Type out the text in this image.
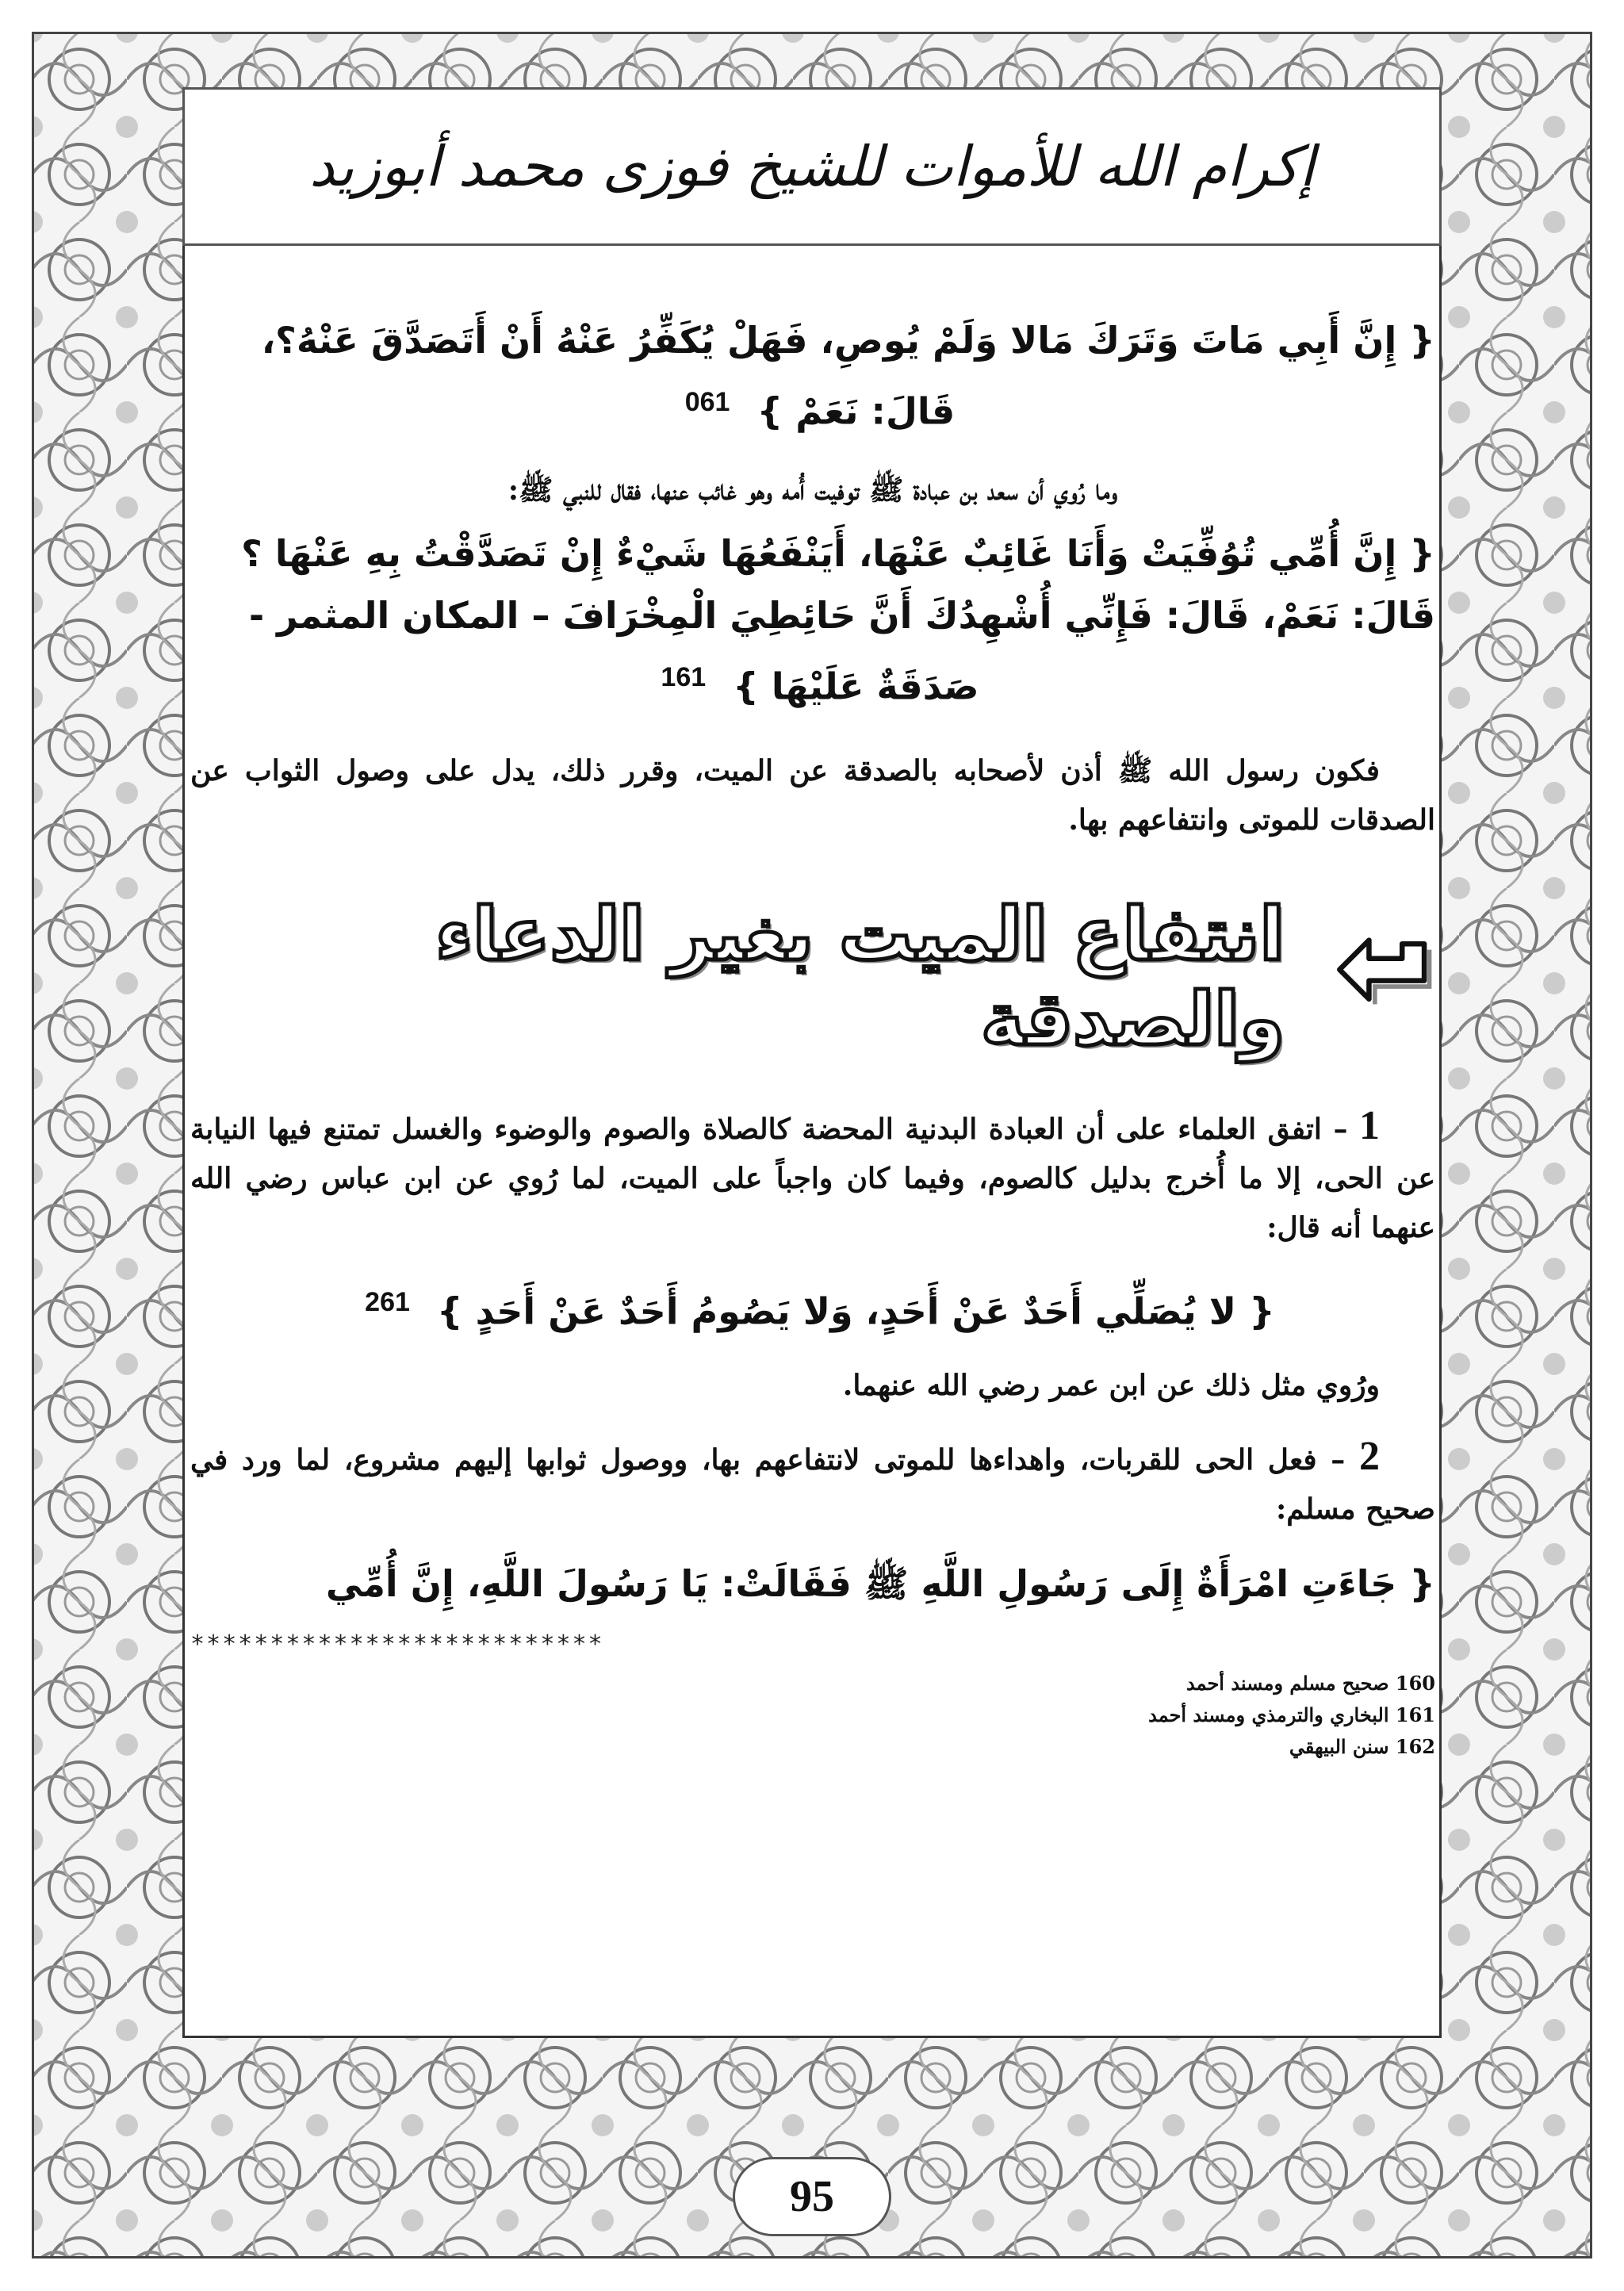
إكرام الله للأموات للشيخ فوزى محمد أبوزيد

{ إِنَّ أَبِي مَاتَ وَتَرَكَ مَالا وَلَمْ يُوصِ، فَهَلْ يُكَفِّرُ عَنْهُ أَنْ أَتَصَدَّقَ عَنْهُ؟،

قَالَ: نَعَمْ } $^{061}$

وما رُوي أن سعد بن عبادة ﷺ توفيت أُمه وهو غائب عنها، فقال للنبي ﷺ:

{ إِنَّ أُمِّي تُوُفِّيَتْ وَأَنَا غَائِبٌ عَنْهَا، أَيَنْفَعُهَا شَيْءٌ إِنْ تَصَدَّقْتُ بِهِ عَنْهَا ؟

قَالَ: نَعَمْ، قَالَ: فَإِنِّي أُشْهِدُكَ أَنَّ حَائِطِيَ الْمِخْرَافَ – المكان المثمر -

صَدَقَةٌ عَلَيْهَا } $^{161}$

فكون رسول الله ﷺ أذن لأصحابه بالصدقة عن الميت، وقرر ذلك، يدل على وصول الثواب عن الصدقات للموتى وانتفاعهم بها.

انتفاع الميت بغير الدعاء والصدقة

1 – اتفق العلماء على أن العبادة البدنية المحضة كالصلاة والصوم والوضوء والغسل تمتنع فيها النيابة عن الحى، إلا ما أُخرج بدليل كالصوم، وفيما كان واجباً على الميت، لما رُوي عن ابن عباس رضي الله عنهما أنه قال:

{ لا يُصَلِّي أَحَدٌ عَنْ أَحَدٍ، وَلا يَصُومُ أَحَدٌ عَنْ أَحَدٍ } $^{261}$

ورُوي مثل ذلك عن ابن عمر رضي الله عنهما.

2 – فعل الحى للقربات، واهداءها للموتى لانتفاعهم بها، ووصول ثوابها إليهم مشروع، لما ورد في صحيح مسلم:

{ جَاءَتِ امْرَأَةٌ إِلَى رَسُولِ اللَّهِ ﷺ فَقَالَتْ: يَا رَسُولَ اللَّهِ، إِنَّ أُمِّي

**************************

160 صحيح مسلم ومسند أحمد

161 البخاري والترمذي ومسند أحمد

162 سنن البيهقي

95
